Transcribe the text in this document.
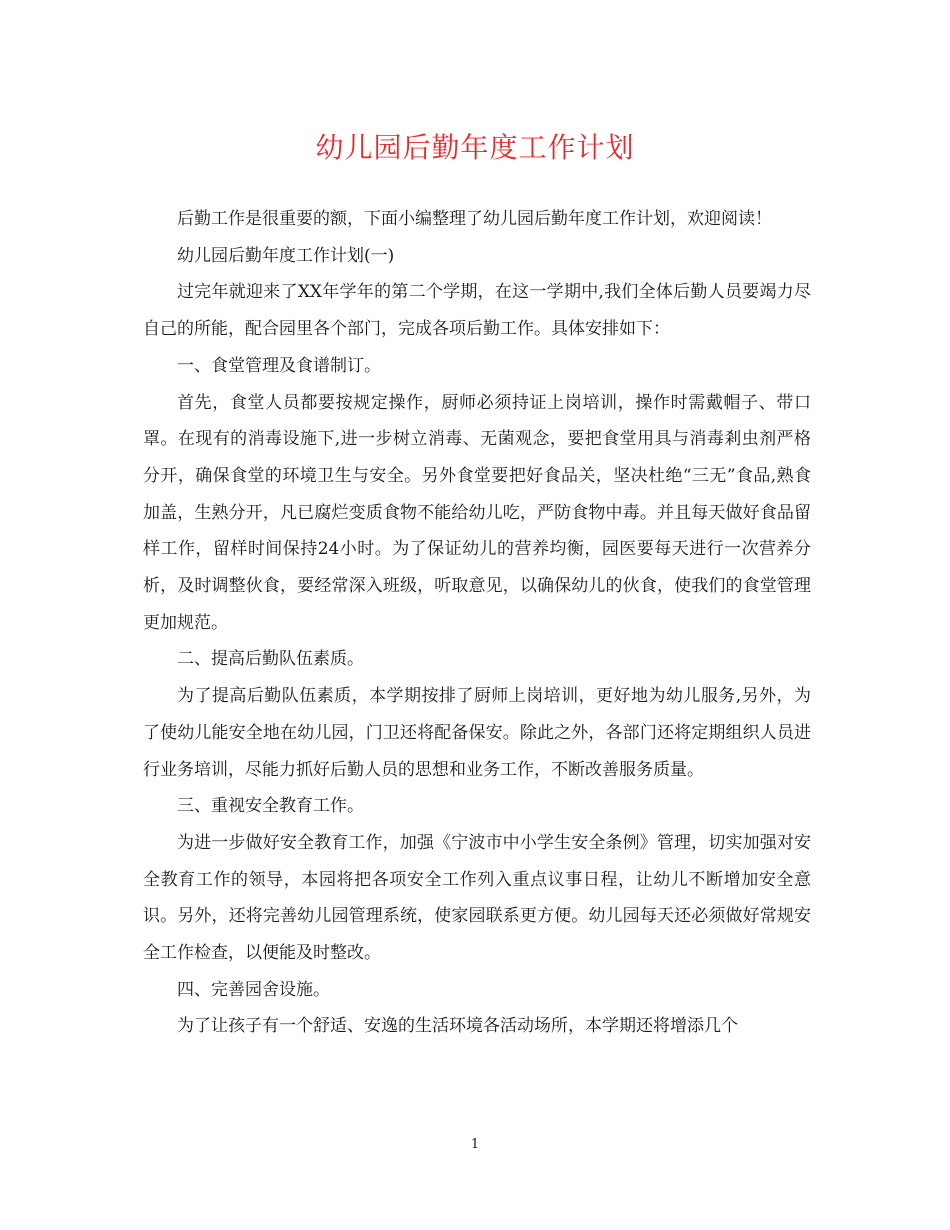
幼儿园后勤年度工作计划

后勤工作是很重要的额，下面小编整理了幼儿园后勤年度工作计划，欢迎阅读！

幼儿园后勤年度工作计划(一)

过完年就迎来了XX年学年的第二个学期，在这一学期中,我们全体后勤人员要竭力尽自己的所能，配合园里各个部门，完成各项后勤工作。具体安排如下：

一、食堂管理及食谱制订。

首先，食堂人员都要按规定操作，厨师必须持证上岗培训，操作时需戴帽子、带口罩。在现有的消毒设施下,进一步树立消毒、无菌观念，要把食堂用具与消毒剎虫剂严格分开，确保食堂的环境卫生与安全。另外食堂要把好食品关，坚决杜绝“三无”食品,熟食加盖，生熟分开，凡已腐烂变质食物不能给幼儿吃，严防食物中毒。并且每天做好食品留样工作，留样时间保持24小时。为了保证幼儿的营养均衡，园医要每天进行一次营养分析，及时调整伙食，要经常深入班级，听取意见，以确保幼儿的伙食，使我们的食堂管理更加规范。

二、提高后勤队伍素质。

为了提高后勤队伍素质，本学期按排了厨师上岗培训，更好地为幼儿服务,另外，为了使幼儿能安全地在幼儿园，门卫还将配备保安。除此之外，各部门还将定期组织人员进行业务培训，尽能力抓好后勤人员的思想和业务工作，不断改善服务质量。

三、重视安全教育工作。

为进一步做好安全教育工作，加强《宁波市中小学生安全条例》管理，切实加强对安全教育工作的领导，本园将把各项安全工作列入重点议事日程，让幼儿不断增加安全意识。另外，还将完善幼儿园管理系统，使家园联系更方便。幼儿园每天还必须做好常规安全工作检查，以便能及时整改。

四、完善园舍设施。

为了让孩子有一个舒适、安逸的生活环境各活动场所，本学期还将增添几个

1
